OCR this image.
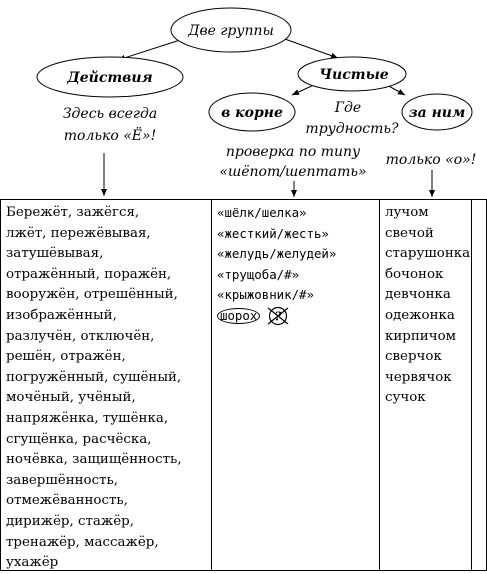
Две группы
Действия	Чистые
в корне	за ним
Здесь всегда
только «Ё»!
Где
трудность?
проверка по типу
«шёпот/шептать»
только «о»!
Бережёт, зажёгся,
лжёт, пережёвывая,
затушёвывая,
отражённый, поражён,
вооружён, отрешённый,
изображённый,
разлучён, отключён,
решён, отражён,
погружённый, сушёный,
мочёный, учёный,
напряжёнка, тушёнка,
сгущёнка, расчёска,
ночёвка, защищённость,
завершённость,
отмежёванность,
дирижёр, стажёр,
тренажёр, массажёр,
ухажёр
«шёлк/шелка»
«жесткий/жесть»
«желудь/желудей»
«трущоба/#»
«крыжовник/#»
шорох ?
лучом
свечой
старушонка
бочонок
девчонка
одежонка
кирпичом
сверчок
червячок
сучок
